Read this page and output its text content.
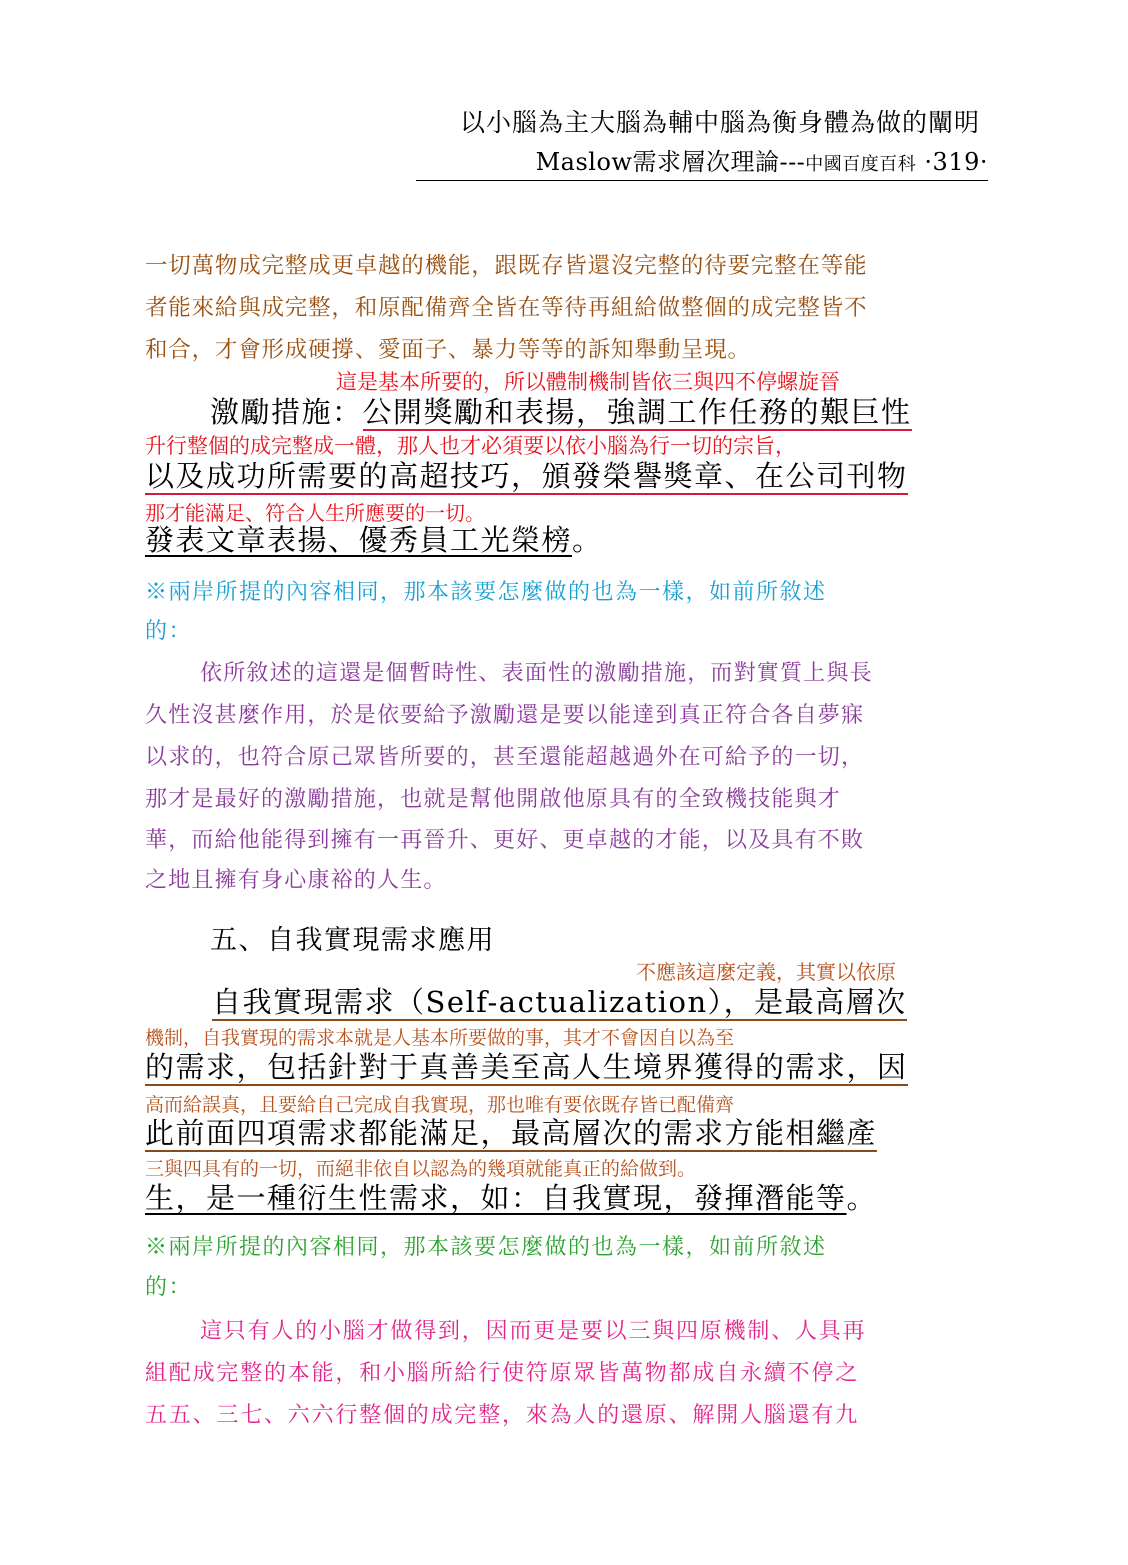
以小腦為主大腦為輔中腦為衡身體為做的闡明
Maslow需求層次理論---中國百度百科 ·319·
一切萬物成完整成更卓越的機能，跟既存皆還沒完整的待要完整在等能
者能來給與成完整，和原配備齊全皆在等待再組給做整個的成完整皆不
和合，才會形成硬撐、愛面子、暴力等等的訴知舉動呈現。
這是基本所要的，所以體制機制皆依三與四不停螺旋晉
激勵措施：公開獎勵和表揚，強調工作任務的艱巨性
升行整個的成完整成一體，那人也才必須要以依小腦為行一切的宗旨，
以及成功所需要的高超技巧，頒發榮譽獎章、在公司刊物
那才能滿足、符合人生所應要的一切。
發表文章表揚、優秀員工光榮榜。
※兩岸所提的內容相同，那本該要怎麼做的也為一樣，如前所敘述
的：
依所敘述的這還是個暫時性、表面性的激勵措施，而對實質上與長
久性沒甚麼作用，於是依要給予激勵還是要以能達到真正符合各自夢寐
以求的，也符合原己眾皆所要的，甚至還能超越過外在可給予的一切，
那才是最好的激勵措施，也就是幫他開啟他原具有的全致機技能與才
華，而給他能得到擁有一再晉升、更好、更卓越的才能，以及具有不敗
之地且擁有身心康裕的人生。
五、自我實現需求應用
不應該這麼定義，其實以依原
自我實現需求（Self-actualization），是最高層次
機制，自我實現的需求本就是人基本所要做的事，其才不會因自以為至
的需求，包括針對于真善美至高人生境界獲得的需求，因
高而給誤真，且要給自己完成自我實現，那也唯有要依既存皆已配備齊
此前面四項需求都能滿足，最高層次的需求方能相繼產
三與四具有的一切，而絕非依自以認為的幾項就能真正的給做到。
生，是一種衍生性需求，如：自我實現，發揮潛能等。
※兩岸所提的內容相同，那本該要怎麼做的也為一樣，如前所敘述
的：
這只有人的小腦才做得到，因而更是要以三與四原機制、人具再
組配成完整的本能，和小腦所給行使符原眾皆萬物都成自永續不停之
五五、三七、六六行整個的成完整，來為人的還原、解開人腦還有九
